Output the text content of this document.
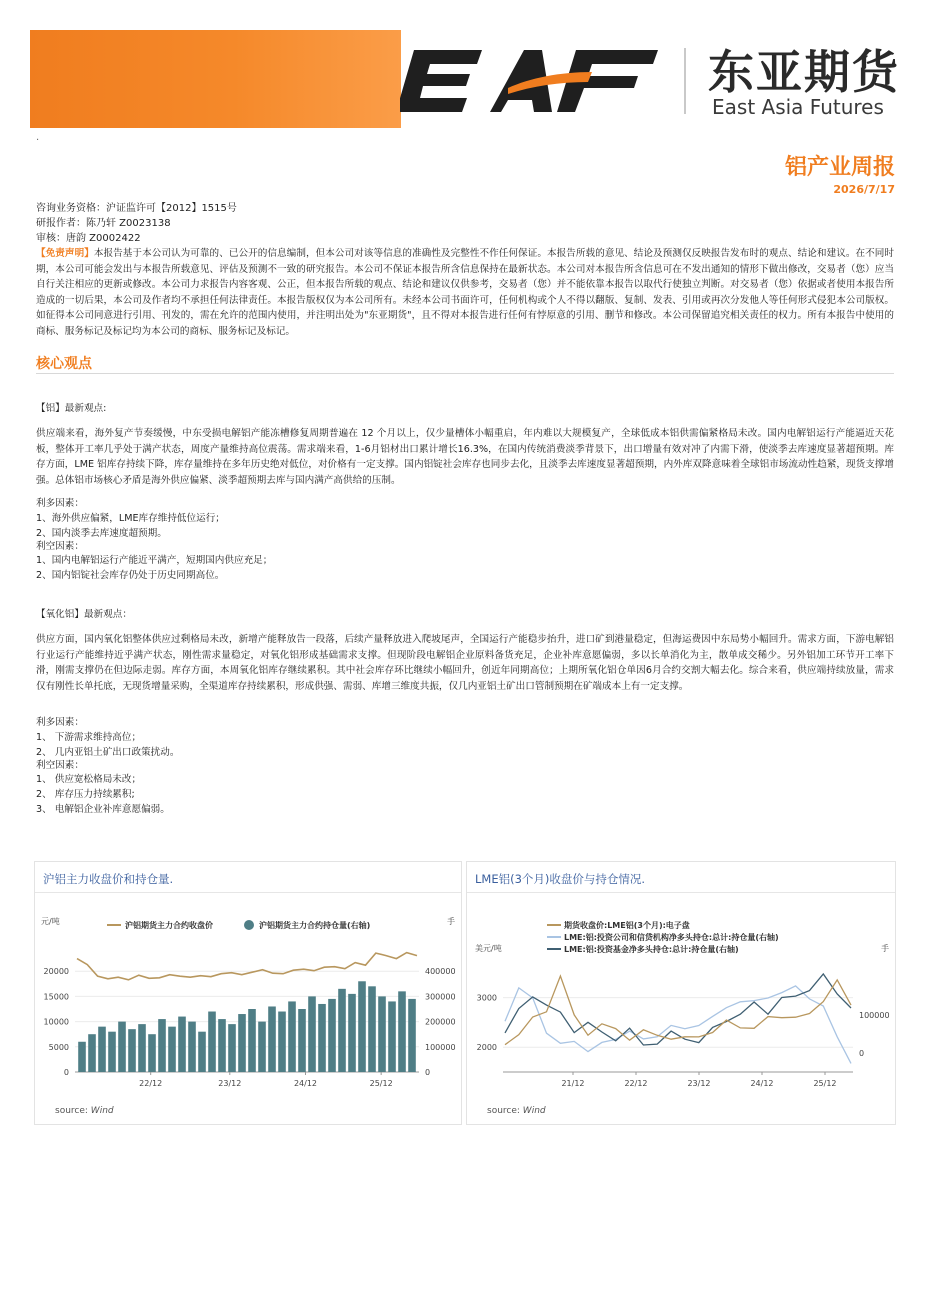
东亚期货
East Asia Futures
.
铝产业周报
2026/7/17
咨询业务资格：沪证监许可【2012】1515号
研报作者：陈乃轩 Z0023138
审核：唐韵 Z0002422
【免责声明】本报告基于本公司认为可靠的、已公开的信息编制，但本公司对该等信息的准确性及完整性不作任何保证。本报告所载的意见、结论及预测仅反映报告发布时的观点、结论和建议。在不同时期，本公司可能会发出与本报告所载意见、评估及预测不一致的研究报告。本公司不保证本报告所含信息保持在最新状态。本公司对本报告所含信息可在不发出通知的情形下做出修改，交易者（您）应当自行关注相应的更新或修改。本公司力求报告内容客观、公正，但本报告所载的观点、结论和建议仅供参考，交易者（您）并不能依靠本报告以取代行使独立判断。对交易者（您）依据或者使用本报告所造成的一切后果，本公司及作者均不承担任何法律责任。本报告版权仅为本公司所有。未经本公司书面许可，任何机构或个人不得以翻版、复制、发表、引用或再次分发他人等任何形式侵犯本公司版权。如征得本公司同意进行引用、刊发的，需在允许的范围内使用，并注明出处为"东亚期货"，且不得对本报告进行任何有悖原意的引用、删节和修改。本公司保留追究相关责任的权力。所有本报告中使用的商标、服务标记及标记均为本公司的商标、服务标记及标记。
核心观点
【铝】最新观点:
供应端来看，海外复产节奏缓慢，中东受损电解铝产能冻槽修复周期普遍在 12 个月以上，仅少量槽体小幅重启，年内难以大规模复产，全球低成本铝供需偏紧格局未改。国内电解铝运行产能逼近天花板，整体开工率几乎处于满产状态，周度产量维持高位震荡。需求端来看，1-6月铝材出口累计增长16.3%，在国内传统消费淡季背景下，出口增量有效对冲了内需下滑，使淡季去库速度显著超预期。库存方面，LME 铝库存持续下降，库存量维持在多年历史绝对低位，对价格有一定支撑。国内铝锭社会库存也同步去化，且淡季去库速度显著超预期，内外库双降意味着全球铝市场流动性趋紧，现货支撑增强。总体铝市场核心矛盾是海外供应偏紧、淡季超预期去库与国内满产高供给的压制。
利多因素：
1、海外供应偏紧，LME库存维持低位运行；
2、国内淡季去库速度超预期。
利空因素：
1、国内电解铝运行产能近平满产，短期国内供应充足；
2、国内铝锭社会库存仍处于历史同期高位。
【氧化铝】最新观点：
供应方面，国内氧化铝整体供应过剩格局未改，新增产能释放告一段落，后续产量释放进入爬坡尾声，全国运行产能稳步抬升，进口矿到港量稳定，但海运费因中东局势小幅回升。需求方面，下游电解铝行业运行产能维持近乎满产状态，刚性需求量稳定，对氧化铝形成基础需求支撑。但现阶段电解铝企业原料备货充足，企业补库意愿偏弱，多以长单消化为主，散单成交稀少。另外铝加工环节开工率下滑，刚需支撑仍在但边际走弱。库存方面，本周氧化铝库存继续累积。其中社会库存环比继续小幅回升，创近年同期高位；上期所氧化铝仓单因6月合约交割大幅去化。综合来看，供应端持续放量，需求仅有刚性长单托底，无现货增量采购，全渠道库存持续累积，形成供强、需弱、库增三维度共振，仅几内亚铝土矿出口管制预期在矿端成本上有一定支撑。
利多因素：
1、 下游需求维持高位；
2、 几内亚铝土矿出口政策扰动。
利空因素：
1、 供应宽松格局未改；
2、 库存压力持续累积;
3、 电解铝企业补库意愿偏弱。
沪铝主力收盘价和持仓量.
元/吨	手
沪铝期货主力合约收盘价	沪铝期货主力合约持仓量(右轴)
20000
15000
10000
5000
0
400000
300000
200000
100000
0
22/12	23/12	24/12	25/12
source: Wind
LME铝(3个月)收盘价与持仓情况.
美元/吨	手
期货收盘价:LME铝(3个月):电子盘
LME:铝:投资公司和信贷机构净多头持仓:总计:持仓量(右轴)
LME:铝:投资基金净多头持仓:总计:持仓量(右轴)
3000
2000
100000
0
21/12	22/12	23/12	24/12	25/12
source: Wind
